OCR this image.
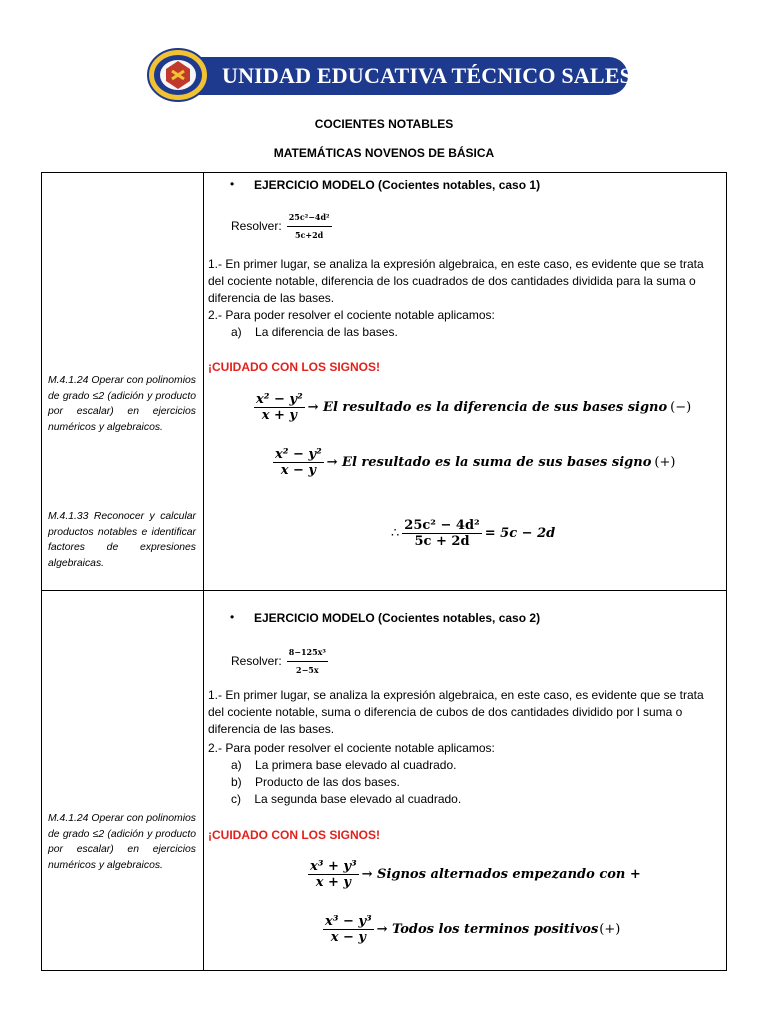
UNIDAD EDUCATIVA TÉCNICO SALESIANO
COCIENTES NOTABLES
MATEMÁTICAS NOVENOS DE BÁSICA
M.4.1.24 Operar con polinomios de grado ≤2 (adición y producto por escalar) en ejercicios numéricos y algebraicos.
M.4.1.33 Reconocer y calcular productos notables e identificar factores de expresiones algebraicas.
• EJERCICIO MODELO (Cocientes notables, caso 1)
Resolver: $\frac{\text{25c²−4d²}}{5c+2d}$
1.- En primer lugar, se analiza la expresión algebraica, en este caso, es evidente que se trata del cociente notable, diferencia de los cuadrados de dos cantidades dividida para la suma o diferencia de las bases.
2.- Para poder resolver el cociente notable aplicamos:
a) La diferencia de las bases.
¡CUIDADO CON LOS SIGNOS!
$\frac{\text{x² − y²}}{x + y} \to El$ resultado es la diferencia de sus bases signo (−)
$\frac{\text{x² − y²}}{x - y} \to El$ resultado es la suma de sus bases signo (+)
∴ $\frac{\text{25c² − 4d²}}{5c + 2d} = 5c - 2d$
M.4.1.24 Operar con polinomios de grado ≤2 (adición y producto por escalar) en ejercicios numéricos y algebraicos.
• EJERCICIO MODELO (Cocientes notables, caso 2)
Resolver: $\frac{\text{8−125x³}}{2-5x}$
1.- En primer lugar, se analiza la expresión algebraica, en este caso, es evidente que se trata del cociente notable, suma o diferencia de cubos de dos cantidades dividido por l suma o diferencia de las bases.
2.- Para poder resolver el cociente notable aplicamos:
a) La primera base elevado al cuadrado.
b) Producto de las dos bases.
c) La segunda base elevado al cuadrado.
¡CUIDADO CON LOS SIGNOS!
$\frac{\text{x³ + y³}}{x + y}$ → Signos alternados empezando con +
$\frac{\text{x³ − y³}}{x - y}$ → Todos los terminos positivos (+)
